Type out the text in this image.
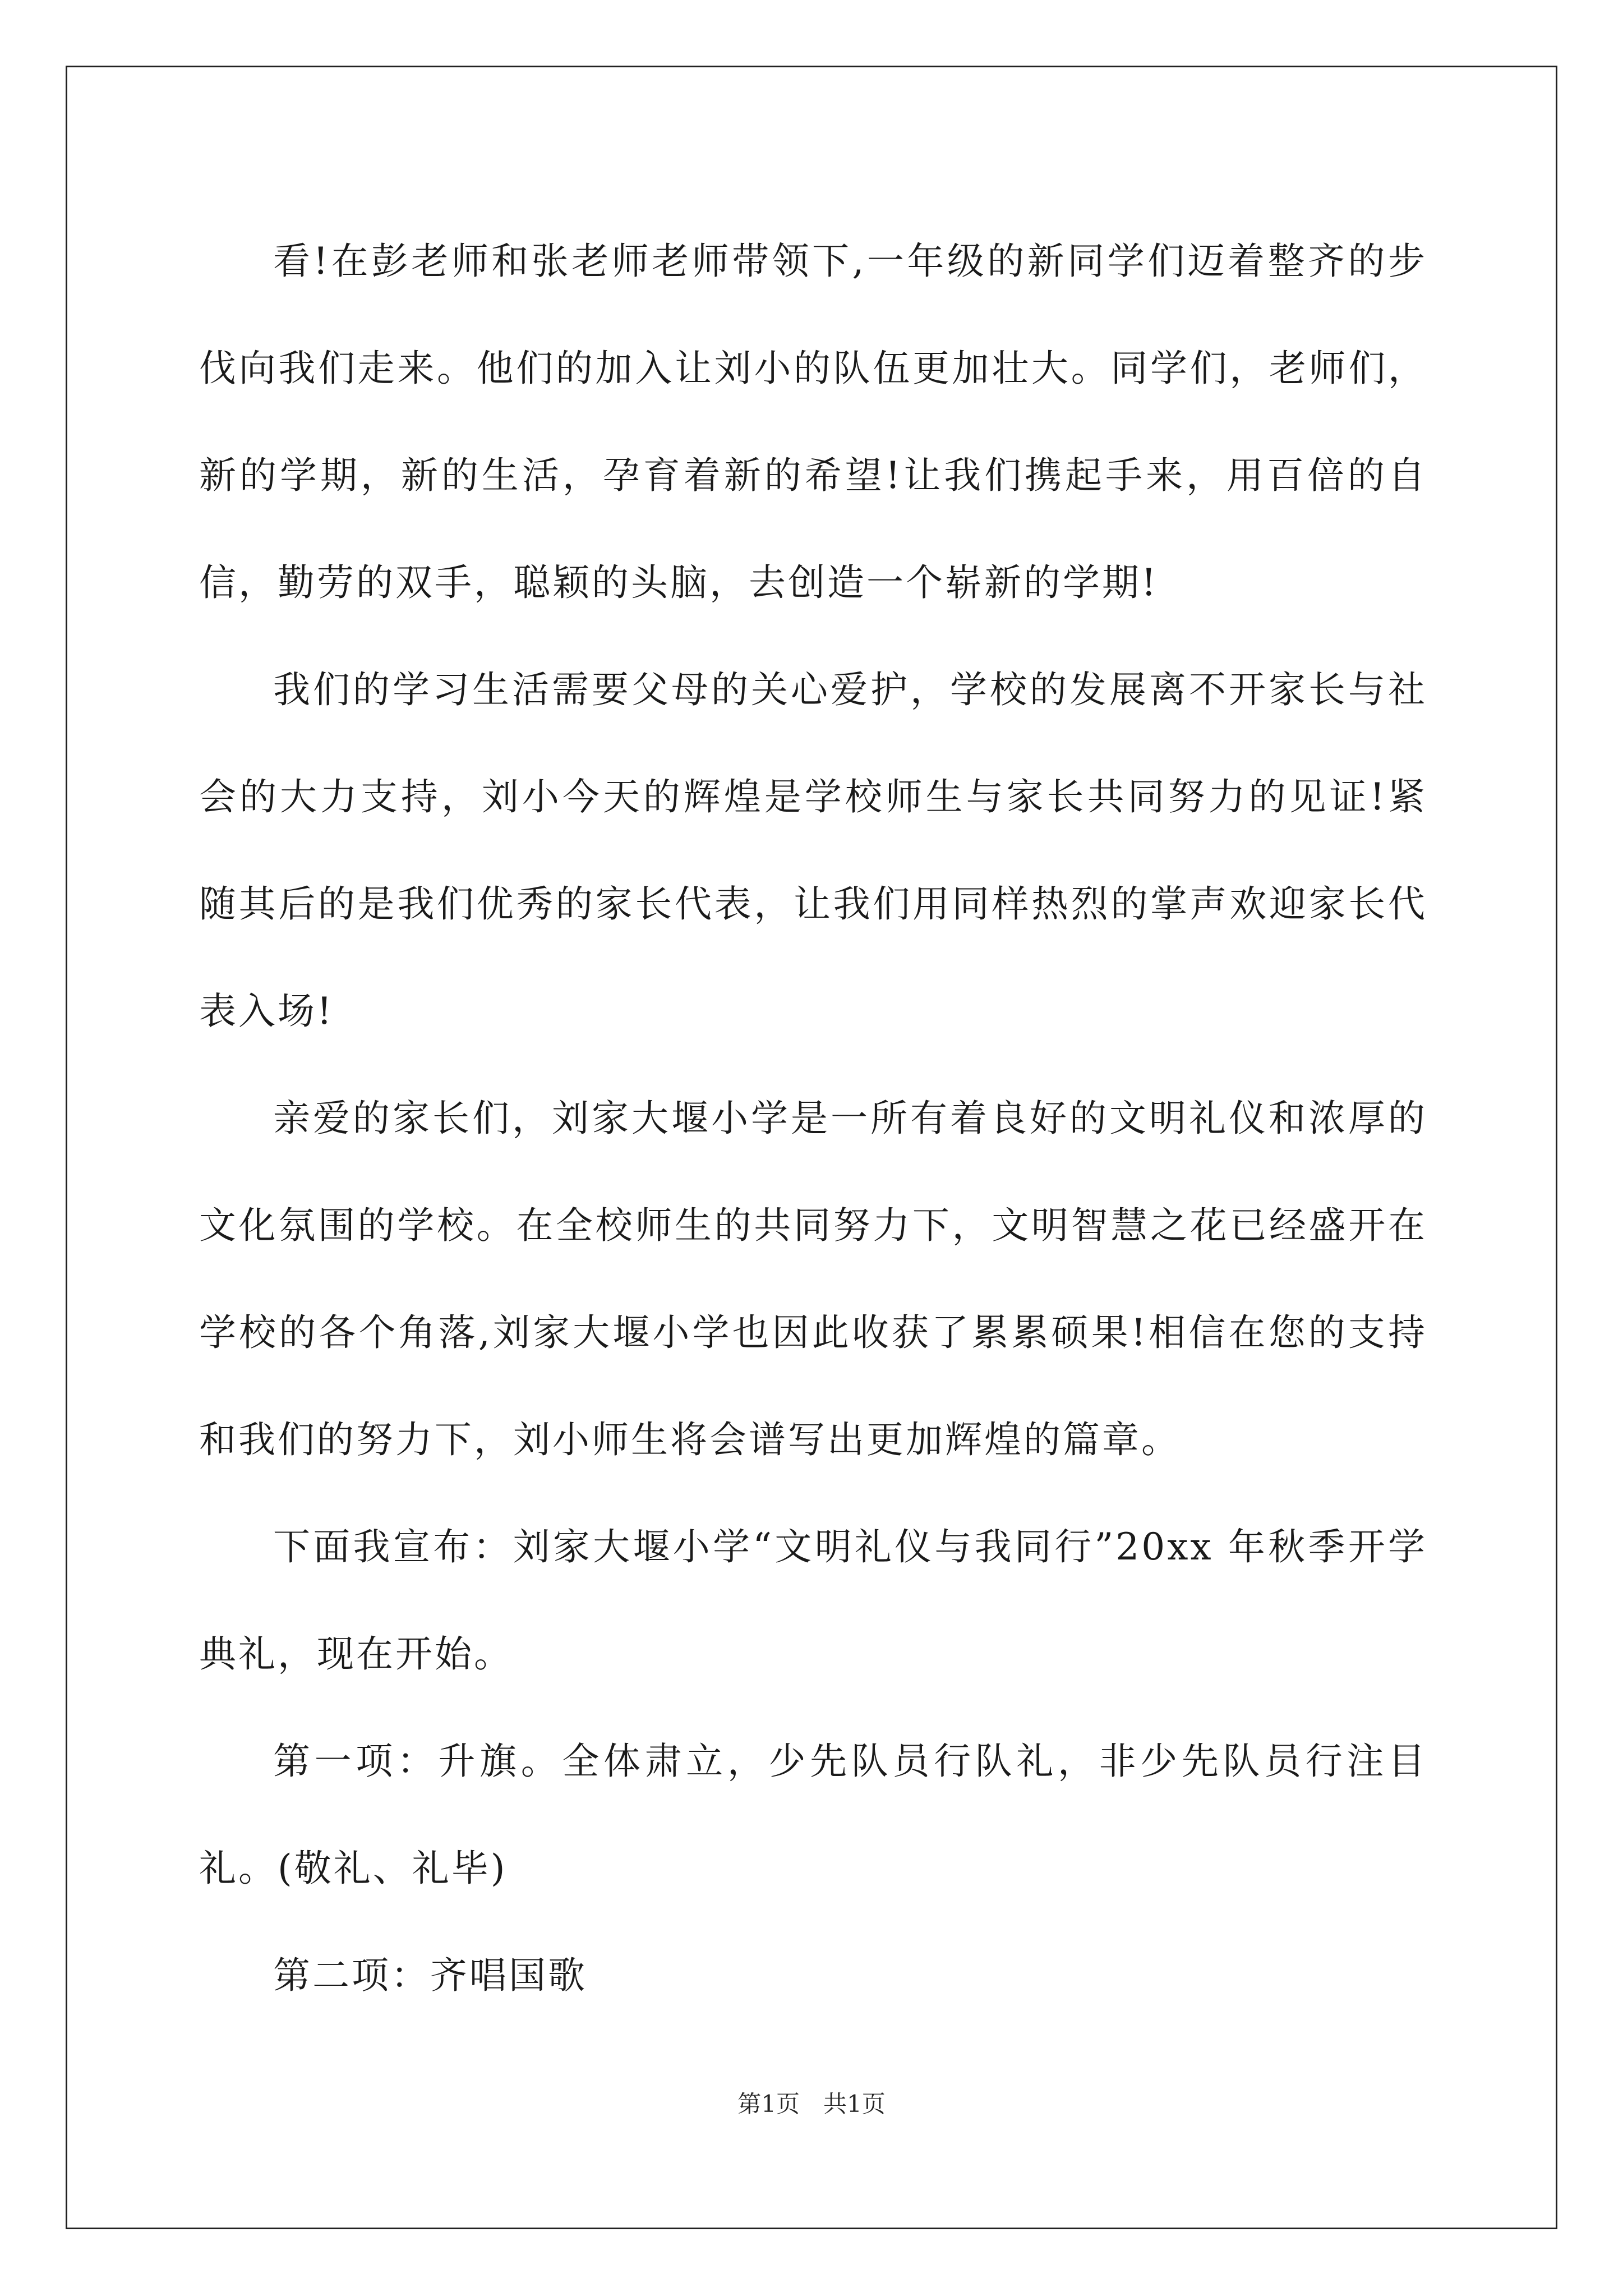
看!在彭老师和张老师老师带领下,一年级的新同学们迈着整齐的步伐向我们走来。他们的加入让刘小的队伍更加壮大。同学们，老师们，新的学期，新的生活，孕育着新的希望!让我们携起手来，用百倍的自信，勤劳的双手，聪颖的头脑，去创造一个崭新的学期!

我们的学习生活需要父母的关心爱护，学校的发展离不开家长与社会的大力支持，刘小今天的辉煌是学校师生与家长共同努力的见证!紧随其后的是我们优秀的家长代表，让我们用同样热烈的掌声欢迎家长代表入场!

亲爱的家长们，刘家大堰小学是一所有着良好的文明礼仪和浓厚的文化氛围的学校。在全校师生的共同努力下，文明智慧之花已经盛开在学校的各个角落,刘家大堰小学也因此收获了累累硕果!相信在您的支持和我们的努力下，刘小师生将会谱写出更加辉煌的篇章。

下面我宣布：刘家大堰小学“文明礼仪与我同行”20xx 年秋季开学典礼，现在开始。

第一项：升旗。全体肃立，少先队员行队礼，非少先队员行注目礼。(敬礼、礼毕)

第二项：齐唱国歌

第1页　共1页
